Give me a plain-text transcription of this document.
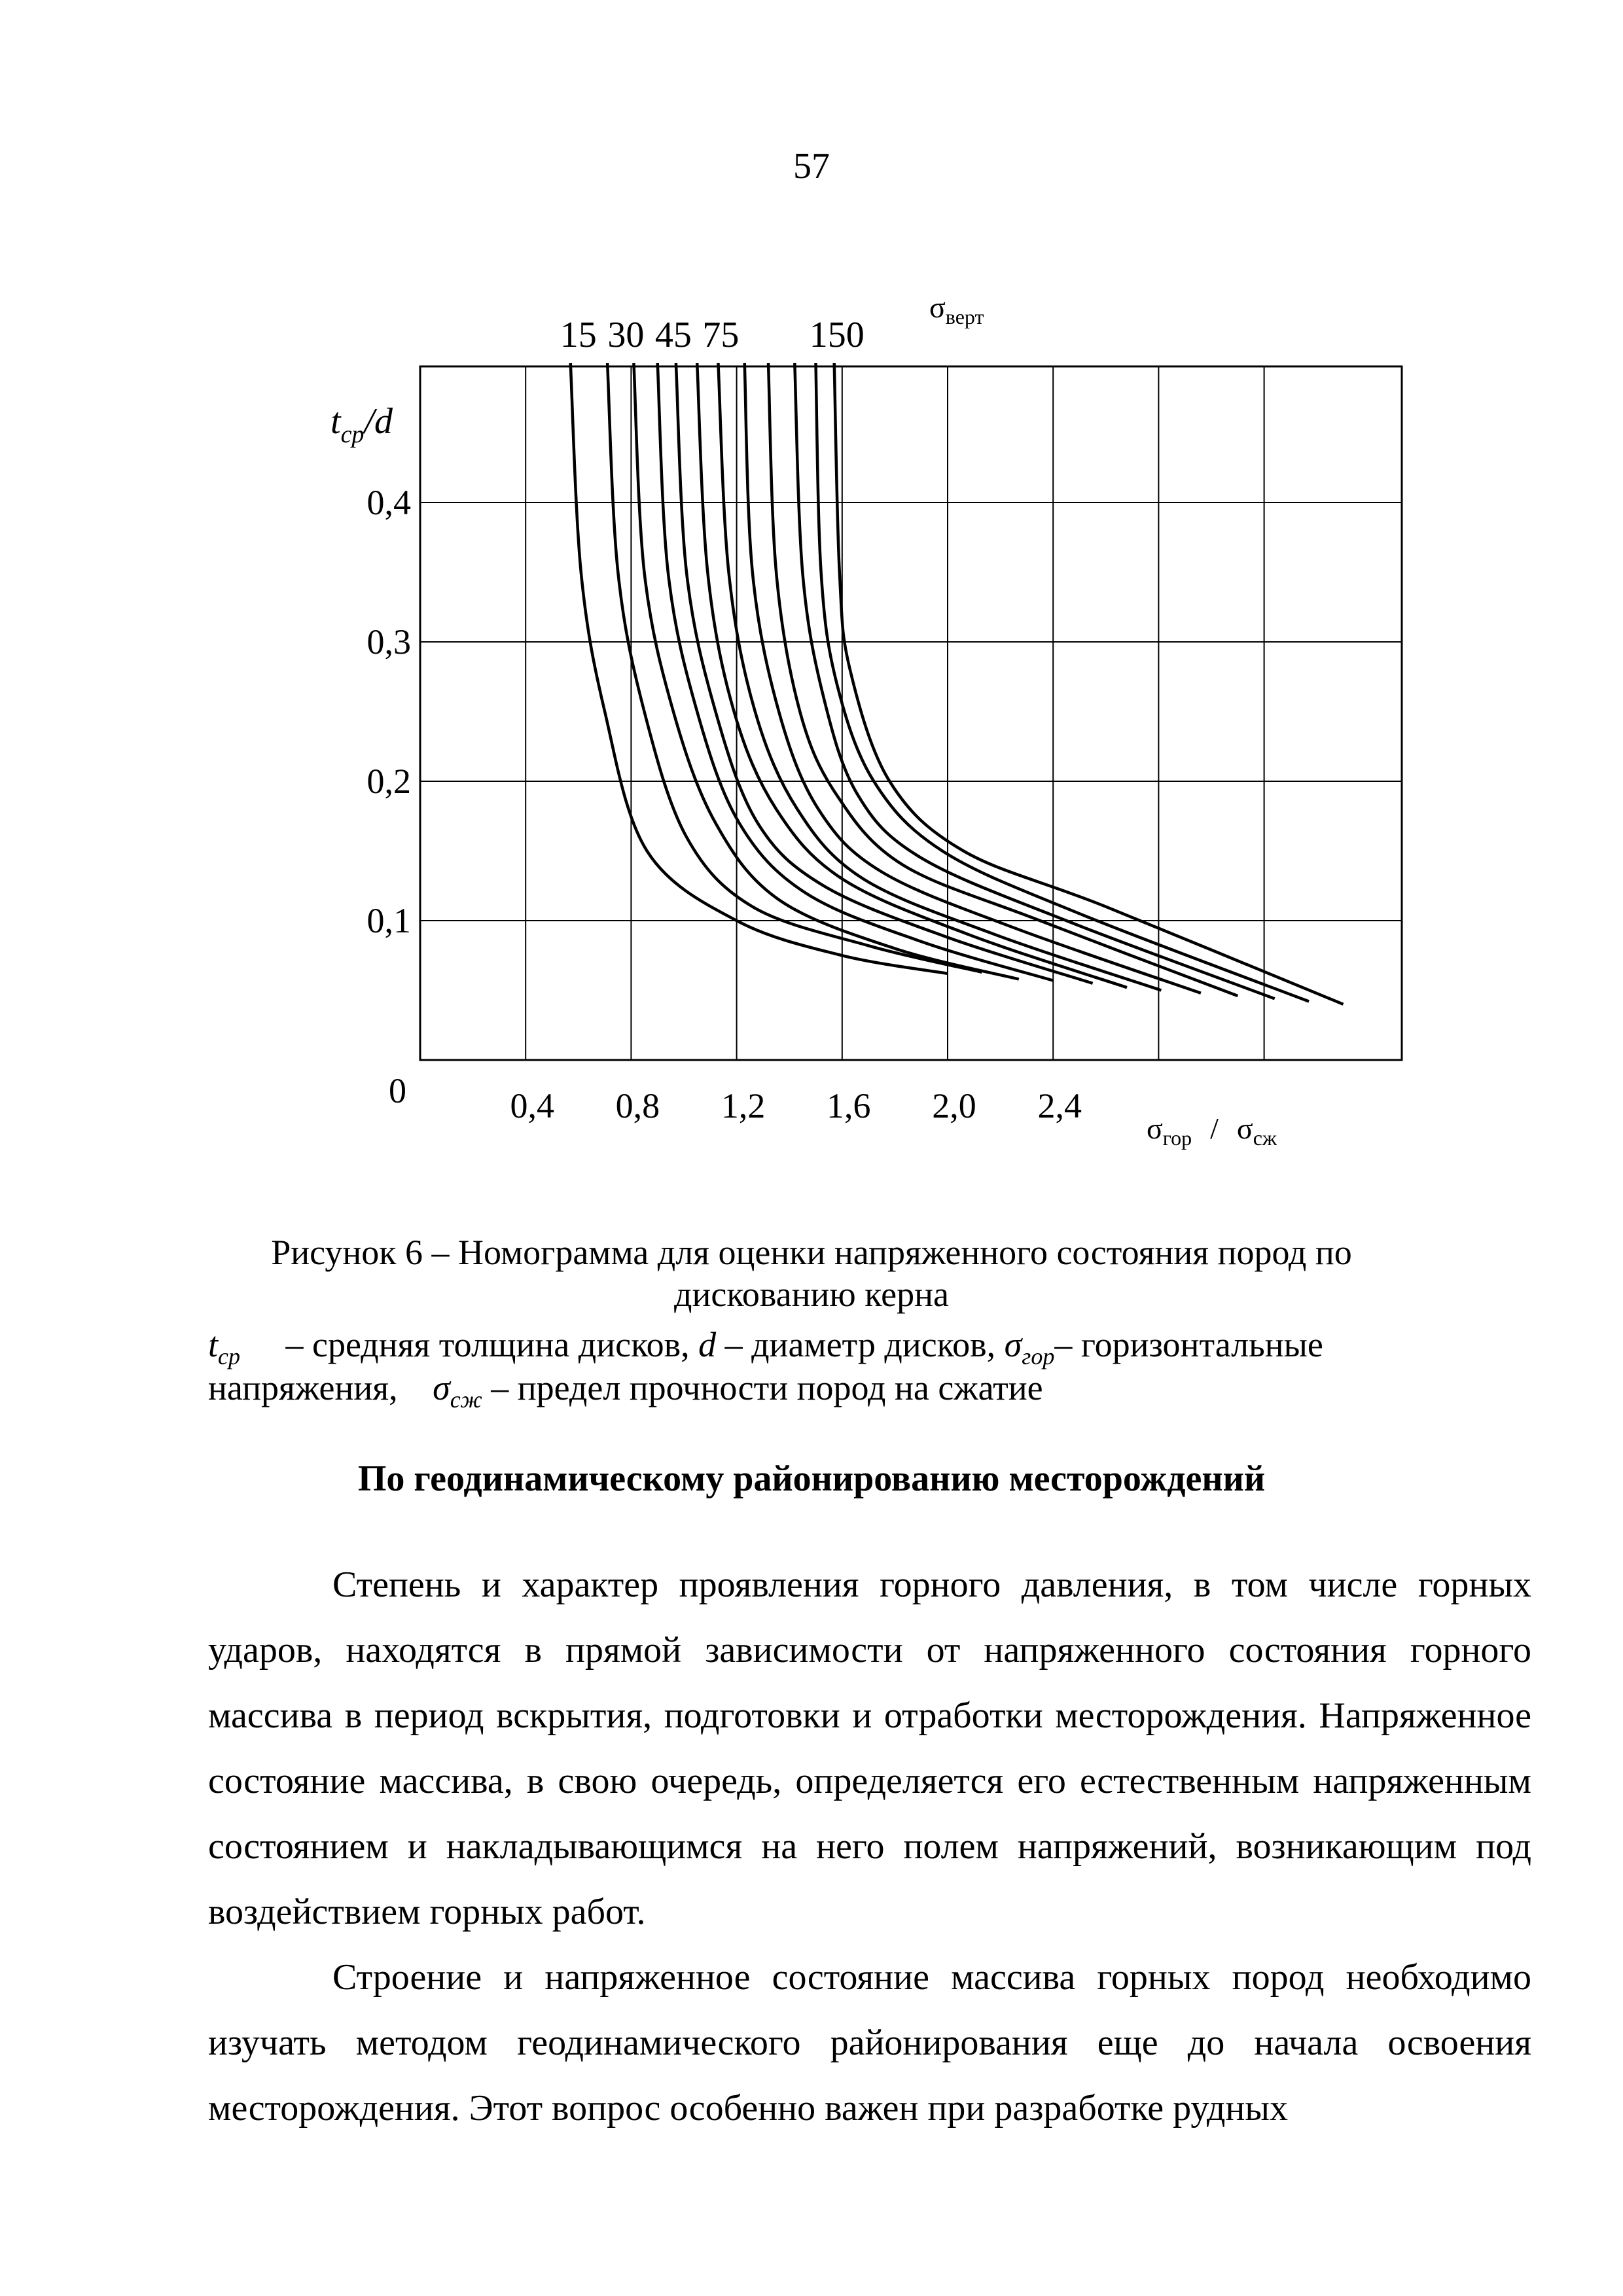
57
0,1
0,2
0,3
0,4
0,4 0,8 1,2 1,6 2,0 2,4
15 30 45 75 150
0
$t_{ср}/d$
$\sigma_{верт}$
$\sigma_{гор} / \sigma_{сж}$
Рисунок 6 – Номограмма для оценки напряженного состояния пород по
дискованию керна
$t_{ср}$ – средняя толщина дисков, d – диаметр дисков, $\sigma_{гор}-$ горизонтальные
напряжения, $\sigma_{сж}$ – предел прочности пород на сжатие
По геодинамическому районированию месторождений

Степень и характер проявления горного давления, в том числе горных ударов, находятся в прямой зависимости от напряженного состояния горного массива в период вскрытия, подготовки и отработки месторождения. Напряженное состояние массива, в свою очередь, определяется его естественным напряженным состоянием и накладывающимся на него полем напряжений, возникающим под воздействием горных работ.

Строение и напряженное состояние массива горных пород необходимо изучать методом геодинамического районирования еще до начала освоения месторождения. Этот вопрос особенно важен при разработке рудных
